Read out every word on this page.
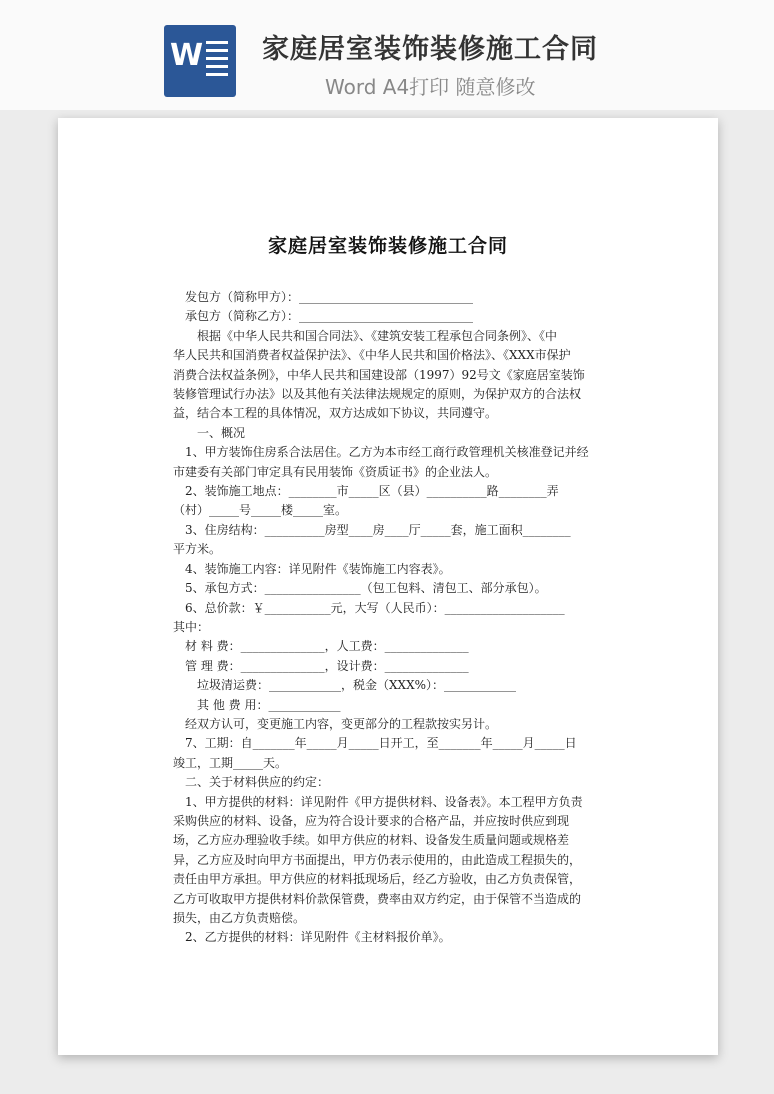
W 家庭居室装饰装修施工合同
Word A4打印 随意修改
家庭居室装饰装修施工合同

发包方（简称甲方）：_____________________________

承包方（简称乙方）：_____________________________

根据《中华人民共和国合同法》、《建筑安装工程承包合同条例》、《中

华人民共和国消费者权益保护法》、《中华人民共和国价格法》、《XXX市保护

消费合法权益条例》，中华人民共和国建设部（1997）92号文《家庭居室装饰

装修管理试行办法》以及其他有关法律法规规定的原则，为保护双方的合法权

益，结合本工程的具体情况，双方达成如下协议，共同遵守。

一、概况

1、甲方装饰住房系合法居住。乙方为本市经工商行政管理机关核准登记并经

市建委有关部门审定具有民用装饰《资质证书》的企业法人。

2、装饰施工地点：________市_____区（县）__________路________弄

（村）_____号_____楼_____室。

3、住房结构：__________房型____房____厅_____套，施工面积________

平方米。

4、装饰施工内容：详见附件《装饰施工内容表》。

5、承包方式：________________（包工包料、清包工、部分承包）。

6、总价款：￥___________元，大写（人民币）：____________________

其中：

材 料 费：______________，人工费：______________

管 理 费：______________，设计费：______________

垃圾清运费：____________，税金（XXX%）：____________

其 他 费 用：____________

经双方认可，变更施工内容，变更部分的工程款按实另计。

7、工期：自_______年_____月_____日开工，至_______年_____月_____日

竣工，工期_____天。

二、关于材料供应的约定：

1、甲方提供的材料：详见附件《甲方提供材料、设备表》。本工程甲方负责

采购供应的材料、设备，应为符合设计要求的合格产品，并应按时供应到现

场，乙方应办理验收手续。如甲方供应的材料、设备发生质量问题或规格差

异，乙方应及时向甲方书面提出，甲方仍表示使用的，由此造成工程损失的，

责任由甲方承担。甲方供应的材料抵现场后，经乙方验收，由乙方负责保管，

乙方可收取甲方提供材料价款保管费，费率由双方约定，由于保管不当造成的

损失，由乙方负责赔偿。

2、乙方提供的材料：详见附件《主材料报价单》。
